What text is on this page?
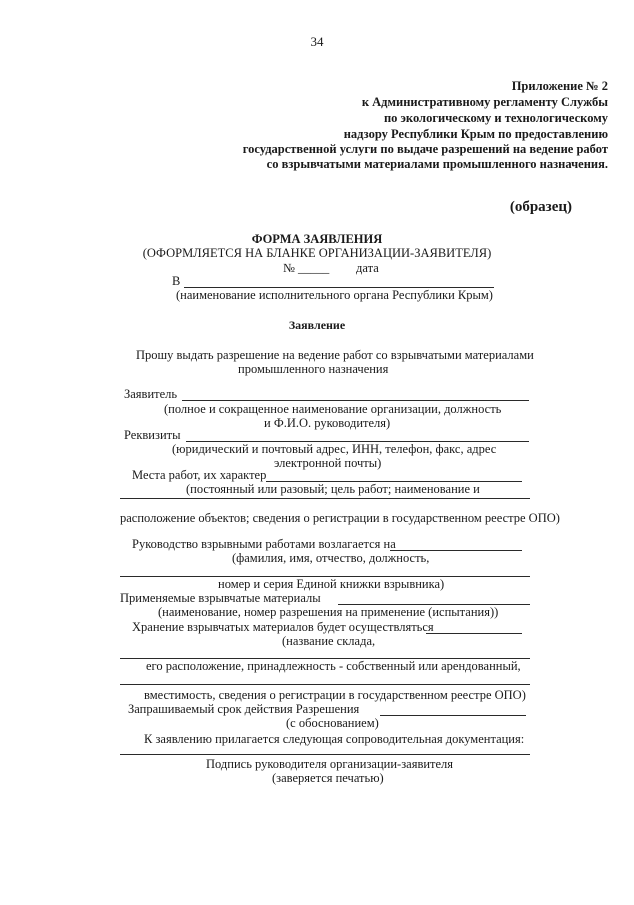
34
Приложение № 2
к Административному регламенту Службы
по экологическому и технологическому
надзору Республики Крым по предоставлению
государственной услуги по выдаче разрешений на ведение работ
со взрывчатыми материалами промышленного назначения.
(образец)
ФОРМА ЗАЯВЛЕНИЯ
(ОФОРМЛЯЕТСЯ НА БЛАНКЕ ОРГАНИЗАЦИИ-ЗАЯВИТЕЛЯ)
№ _____ дата
В
(наименование исполнительного органа Республики Крым)
Заявление
Прошу выдать разрешение на ведение работ со взрывчатыми материалами
промышленного назначения
Заявитель
(полное и сокращенное наименование организации, должность
и Ф.И.О. руководителя)
Реквизиты
(юридический и почтовый адрес, ИНН, телефон, факс, адрес
электронной почты)
Места работ, их характер
(постоянный или разовый; цель работ; наименование и
расположение объектов; сведения о регистрации в государственном реестре ОПО)
Руководство взрывными работами возлагается на
(фамилия, имя, отчество, должность,
номер и серия Единой книжки взрывника)
Применяемые взрывчатые материалы
(наименование, номер разрешения на применение (испытания))
Хранение взрывчатых материалов будет осуществляться
(название склада,
его расположение, принадлежность - собственный или арендованный,
вместимость, сведения о регистрации в государственном реестре ОПО)
Запрашиваемый срок действия Разрешения
(с обоснованием)
К заявлению прилагается следующая сопроводительная документация:
Подпись руководителя организации-заявителя
(заверяется печатью)
